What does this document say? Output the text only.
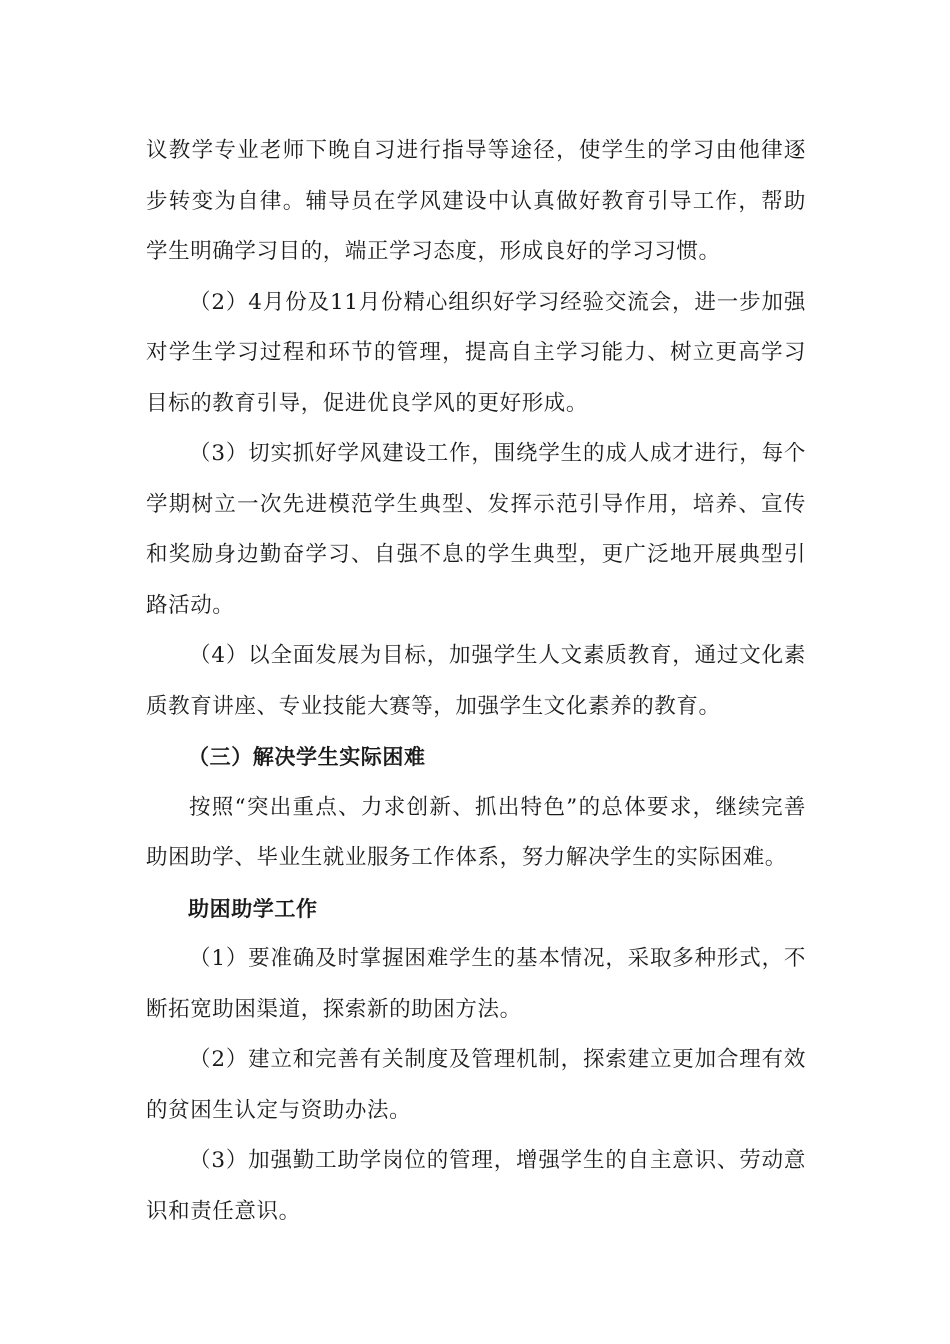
议教学专业老师下晚自习进行指导等途径，使学生的学习由他律逐步转变为自律。辅导员在学风建设中认真做好教育引导工作，帮助学生明确学习目的，端正学习态度，形成良好的学习习惯。

（2）4月份及11月份精心组织好学习经验交流会，进一步加强对学生学习过程和环节的管理，提高自主学习能力、树立更高学习目标的教育引导，促进优良学风的更好形成。

（3）切实抓好学风建设工作，围绕学生的成人成才进行，每个学期树立一次先进模范学生典型、发挥示范引导作用，培养、宣传和奖励身边勤奋学习、自强不息的学生典型，更广泛地开展典型引路活动。

（4）以全面发展为目标，加强学生人文素质教育，通过文化素质教育讲座、专业技能大赛等，加强学生文化素养的教育。

（三）解决学生实际困难

按照“突出重点、力求创新、抓出特色”的总体要求，继续完善助困助学、毕业生就业服务工作体系，努力解决学生的实际困难。

助困助学工作

（1）要准确及时掌握困难学生的基本情况，采取多种形式，不断拓宽助困渠道，探索新的助困方法。

（2）建立和完善有关制度及管理机制，探索建立更加合理有效的贫困生认定与资助办法。

（3）加强勤工助学岗位的管理，增强学生的自主意识、劳动意识和责任意识。
